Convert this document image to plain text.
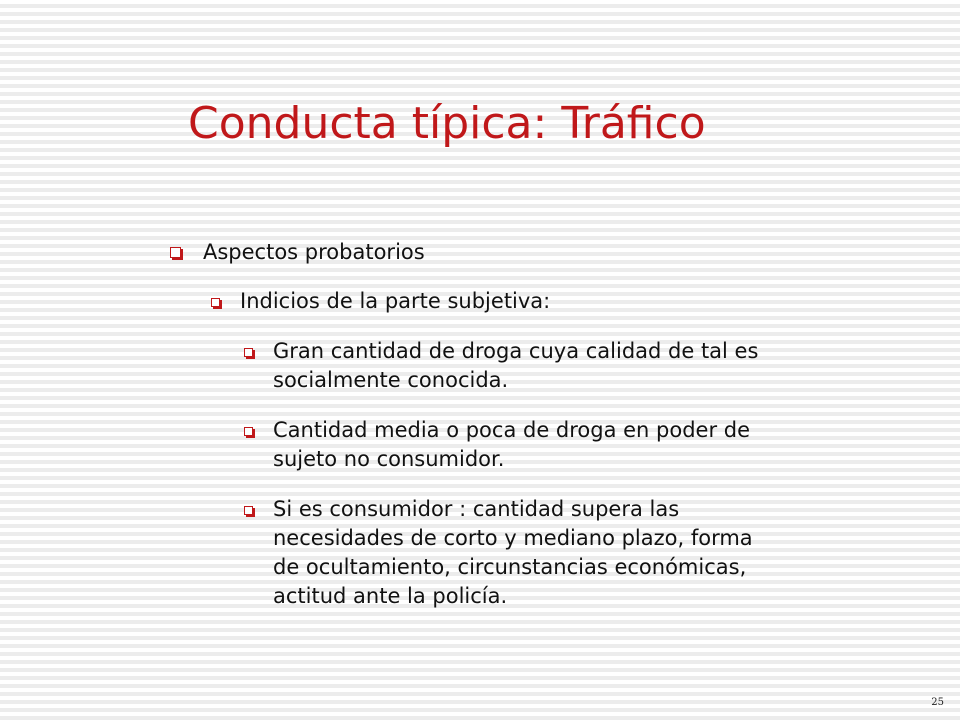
Conducta típica: Tráfico
Aspectos probatorios
Indicios de la parte subjetiva:
Gran cantidad de droga cuya calidad de tal es socialmente conocida.
Cantidad media o poca de droga en poder de sujeto no consumidor.
Si es consumidor : cantidad supera las necesidades de corto y mediano plazo, forma de ocultamiento, circunstancias económicas, actitud ante la policía.
25
